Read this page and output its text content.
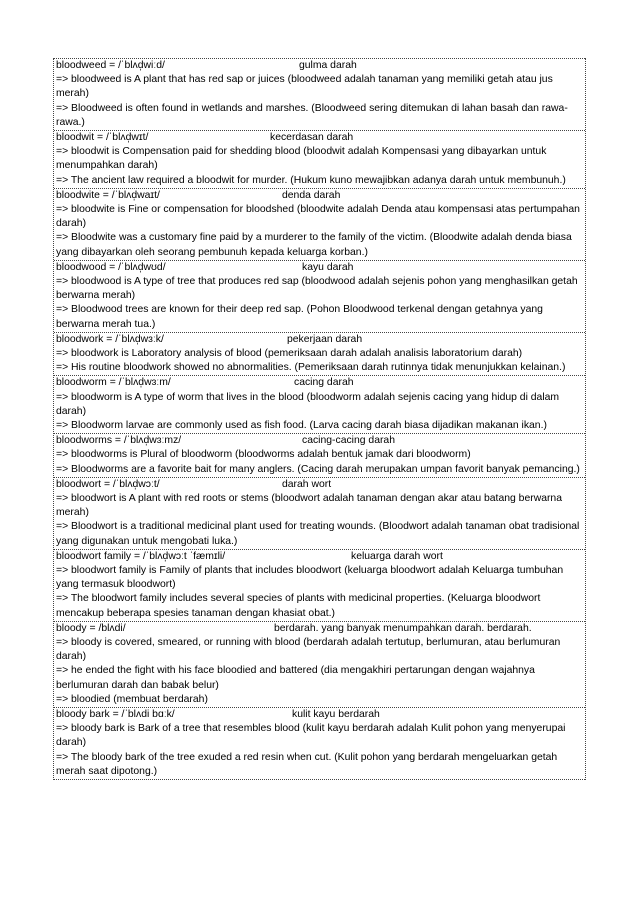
bloodweed = /ˈblʌd̩wiːd/	gulma darah
=> bloodweed is A plant that has red sap or juices (bloodweed adalah tanaman yang memiliki getah atau jus merah)
=> Bloodweed is often found in wetlands and marshes. (Bloodweed sering ditemukan di lahan basah dan rawa-rawa.)
bloodwit = /ˈblʌd̩wɪt/	kecerdasan darah
=> bloodwit is Compensation paid for shedding blood (bloodwit adalah Kompensasi yang dibayarkan untuk menumpahkan darah)
=> The ancient law required a bloodwit for murder. (Hukum kuno mewajibkan adanya darah untuk membunuh.)
bloodwite = /ˈblʌd̩waɪt/	denda darah
=> bloodwite is Fine or compensation for bloodshed (bloodwite adalah Denda atau kompensasi atas pertumpahan darah)
=> Bloodwite was a customary fine paid by a murderer to the family of the victim. (Bloodwite adalah denda biasa yang dibayarkan oleh seorang pembunuh kepada keluarga korban.)
bloodwood = /ˈblʌd̩wʊd/	kayu darah
=> bloodwood is A type of tree that produces red sap (bloodwood adalah sejenis pohon yang menghasilkan getah berwarna merah)
=> Bloodwood trees are known for their deep red sap. (Pohon Bloodwood terkenal dengan getahnya yang berwarna merah tua.)
bloodwork = /ˈblʌd̩wɜːk/	pekerjaan darah
=> bloodwork is Laboratory analysis of blood (pemeriksaan darah adalah analisis laboratorium darah)
=> His routine bloodwork showed no abnormalities. (Pemeriksaan darah rutinnya tidak menunjukkan kelainan.)
bloodworm = /ˈblʌd̩wɜːm/	cacing darah
=> bloodworm is A type of worm that lives in the blood (bloodworm adalah sejenis cacing yang hidup di dalam darah)
=> Bloodworm larvae are commonly used as fish food. (Larva cacing darah biasa dijadikan makanan ikan.)
bloodworms = /ˈblʌd̩wɜːmz/	cacing-cacing darah
=> bloodworms is Plural of bloodworm (bloodworms adalah bentuk jamak dari bloodworm)
=> Bloodworms are a favorite bait for many anglers. (Cacing darah merupakan umpan favorit banyak pemancing.)
bloodwort = /ˈblʌd̩wɔːt/	darah wort
=> bloodwort is A plant with red roots or stems (bloodwort adalah tanaman dengan akar atau batang berwarna merah)
=> Bloodwort is a traditional medicinal plant used for treating wounds. (Bloodwort adalah tanaman obat tradisional yang digunakan untuk mengobati luka.)
bloodwort family = /ˈblʌd̩wɔːt ˈfæmɪli/	keluarga darah wort
=> bloodwort family is Family of plants that includes bloodwort (keluarga bloodwort adalah Keluarga tumbuhan yang termasuk bloodwort)
=> The bloodwort family includes several species of plants with medicinal properties. (Keluarga bloodwort mencakup beberapa spesies tanaman dengan khasiat obat.)
bloody = /blʌdi/	berdarah. yang banyak menumpahkan darah. berdarah.
=> bloody is covered, smeared, or running with blood (berdarah adalah tertutup, berlumuran, atau berlumuran darah)
=> he ended the fight with his face bloodied and battered (dia mengakhiri pertarungan dengan wajahnya berlumuran darah dan babak belur)
=> bloodied (membuat berdarah)
bloody bark = /ˈblʌdi bɑːk/	kulit kayu berdarah
=> bloody bark is Bark of a tree that resembles blood (kulit kayu berdarah adalah Kulit pohon yang menyerupai darah)
=> The bloody bark of the tree exuded a red resin when cut. (Kulit pohon yang berdarah mengeluarkan getah merah saat dipotong.)
